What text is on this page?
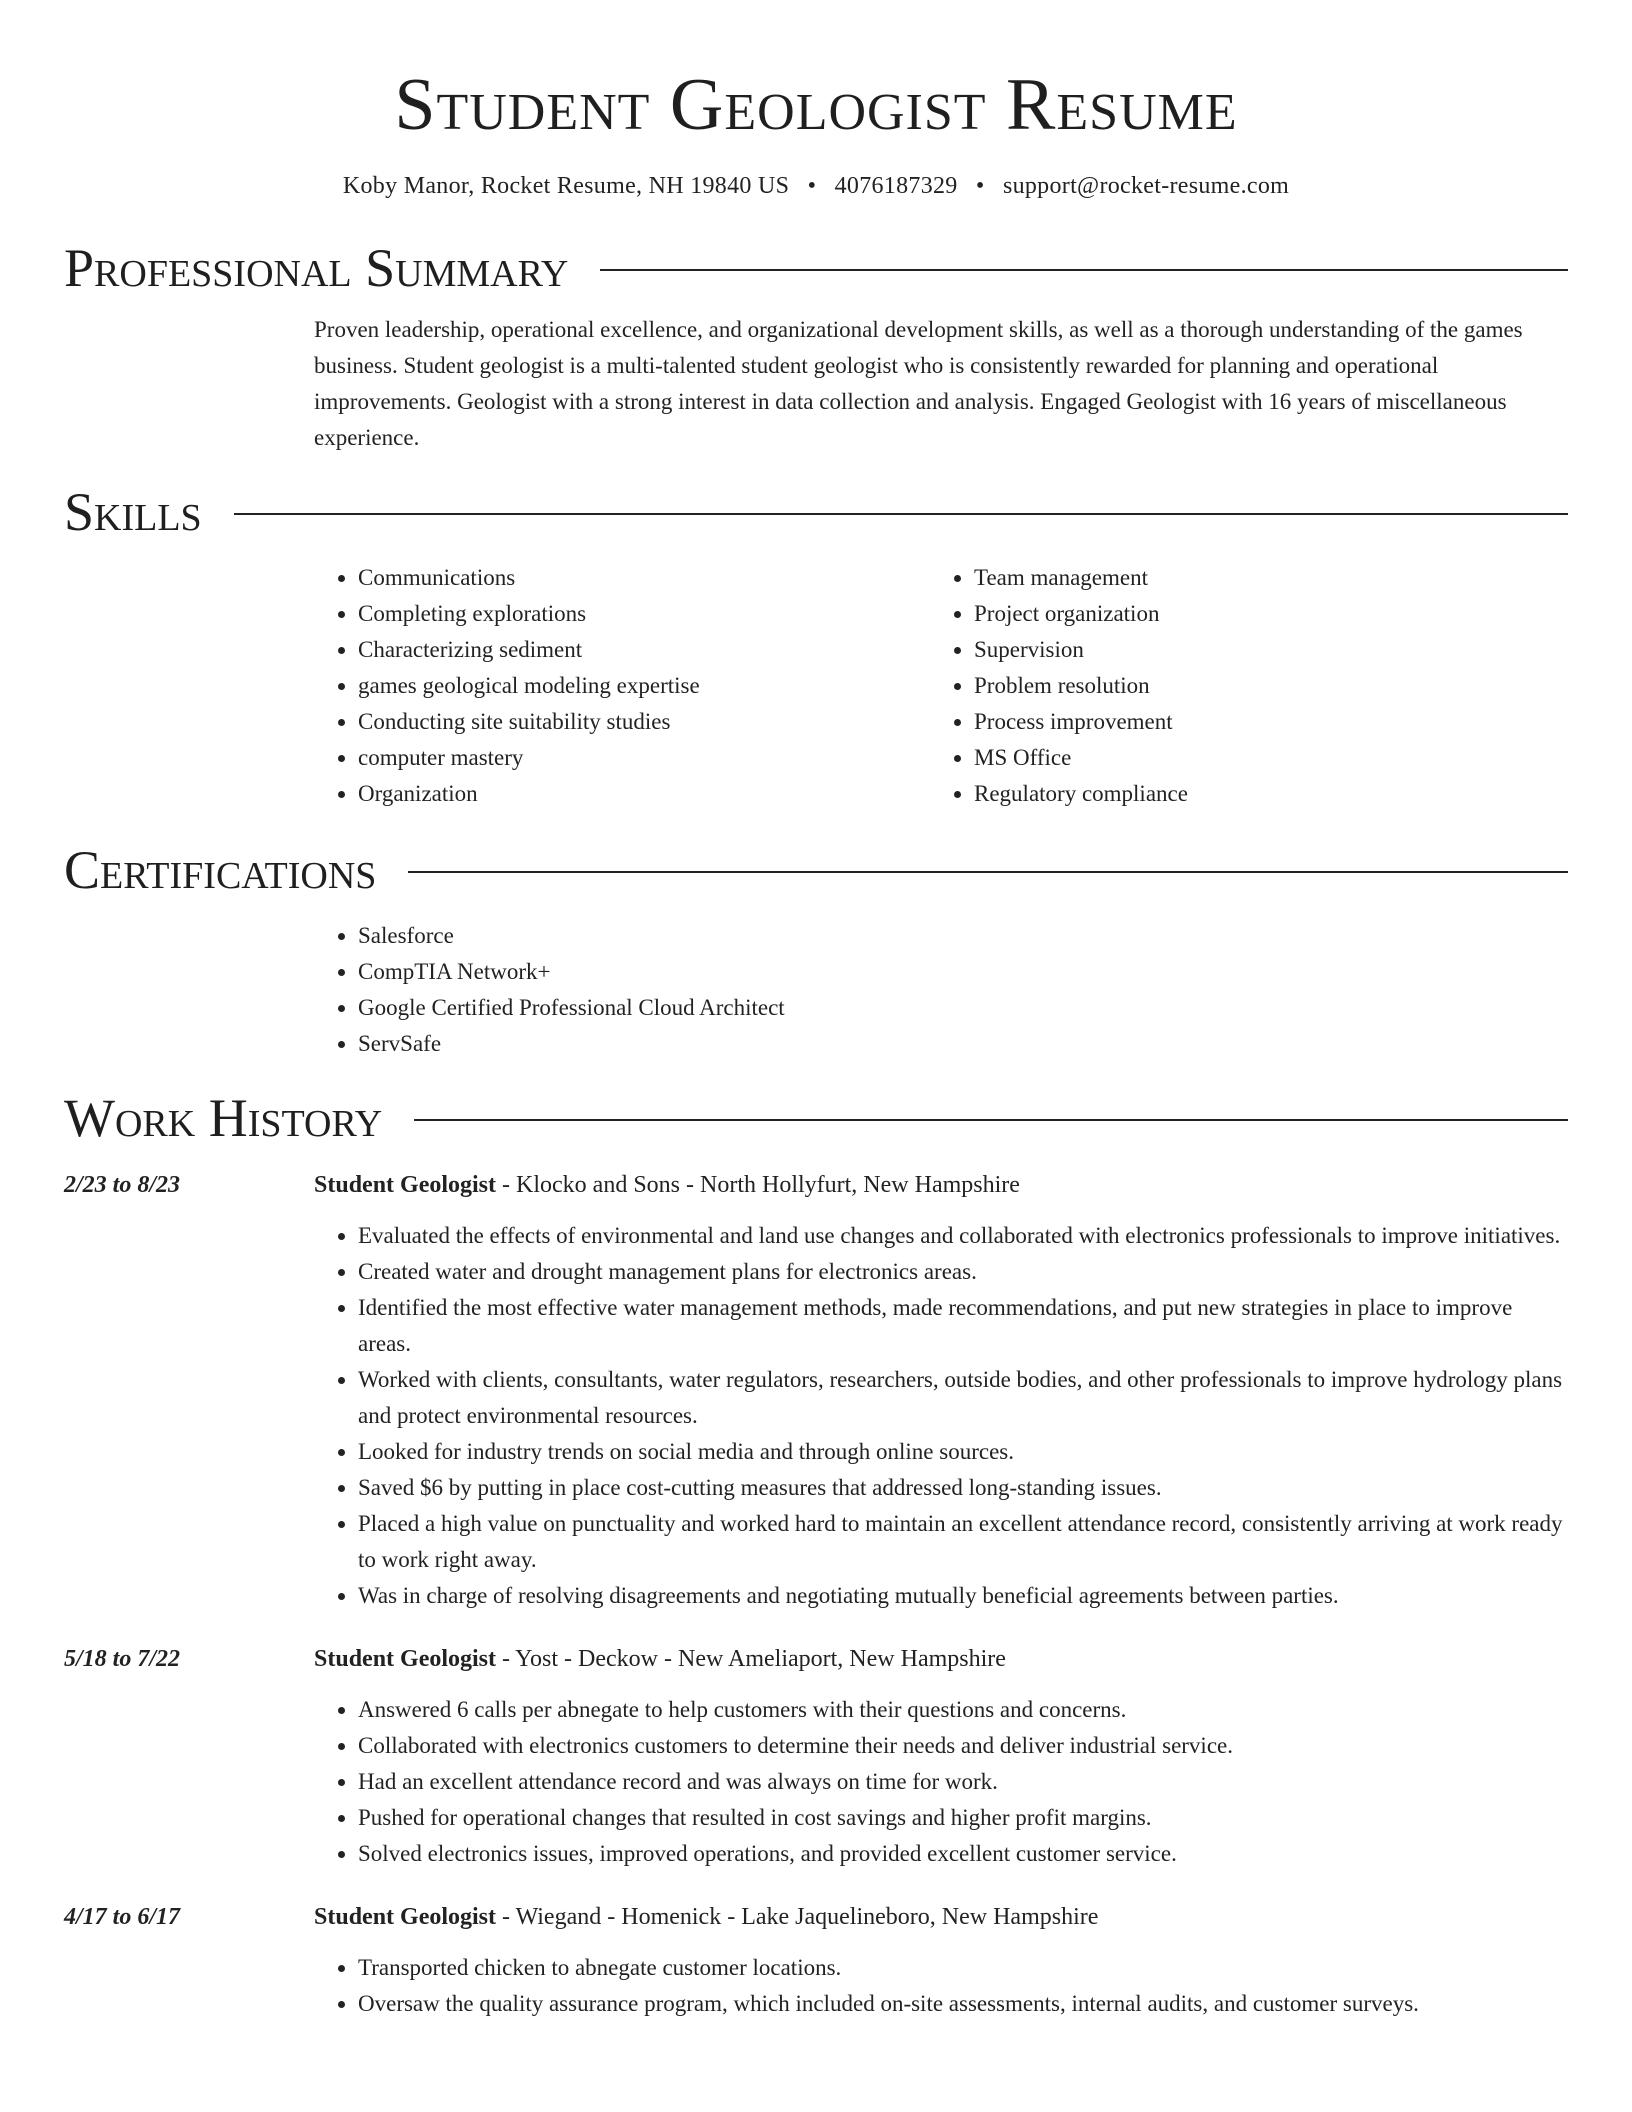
Student Geologist Resume
Koby Manor, Rocket Resume, NH 19840 US • 4076187329 • support@rocket-resume.com
Professional Summary

Proven leadership, operational excellence, and organizational development skills, as well as a thorough understanding of the games business. Student geologist is a multi-talented student geologist who is consistently rewarded for planning and operational improvements. Geologist with a strong interest in data collection and analysis. Engaged Geologist with 16 years of miscellaneous experience.

Skills
• Communications
• Completing explorations
• Characterizing sediment
• games geological modeling expertise
• Conducting site suitability studies
• computer mastery
• Organization
• Team management
• Project organization
• Supervision
• Problem resolution
• Process improvement
• MS Office
• Regulatory compliance
Certifications
• Salesforce
• CompTIA Network+
• Google Certified Professional Cloud Architect
• ServSafe
Work History
2/23 to 8/23	Student Geologist - Klocko and Sons - North Hollyfurt, New Hampshire
• Evaluated the effects of environmental and land use changes and collaborated with electronics professionals to improve initiatives.
• Created water and drought management plans for electronics areas.
• Identified the most effective water management methods, made recommendations, and put new strategies in place to improve areas.
• Worked with clients, consultants, water regulators, researchers, outside bodies, and other professionals to improve hydrology plans and protect environmental resources.
• Looked for industry trends on social media and through online sources.
• Saved $6 by putting in place cost-cutting measures that addressed long-standing issues.
• Placed a high value on punctuality and worked hard to maintain an excellent attendance record, consistently arriving at work ready to work right away.
• Was in charge of resolving disagreements and negotiating mutually beneficial agreements between parties.
5/18 to 7/22	Student Geologist - Yost - Deckow - New Ameliaport, New Hampshire
• Answered 6 calls per abnegate to help customers with their questions and concerns.
• Collaborated with electronics customers to determine their needs and deliver industrial service.
• Had an excellent attendance record and was always on time for work.
• Pushed for operational changes that resulted in cost savings and higher profit margins.
• Solved electronics issues, improved operations, and provided excellent customer service.
4/17 to 6/17	Student Geologist - Wiegand - Homenick - Lake Jaquelineboro, New Hampshire
• Transported chicken to abnegate customer locations.
• Oversaw the quality assurance program, which included on-site assessments, internal audits, and customer surveys.
